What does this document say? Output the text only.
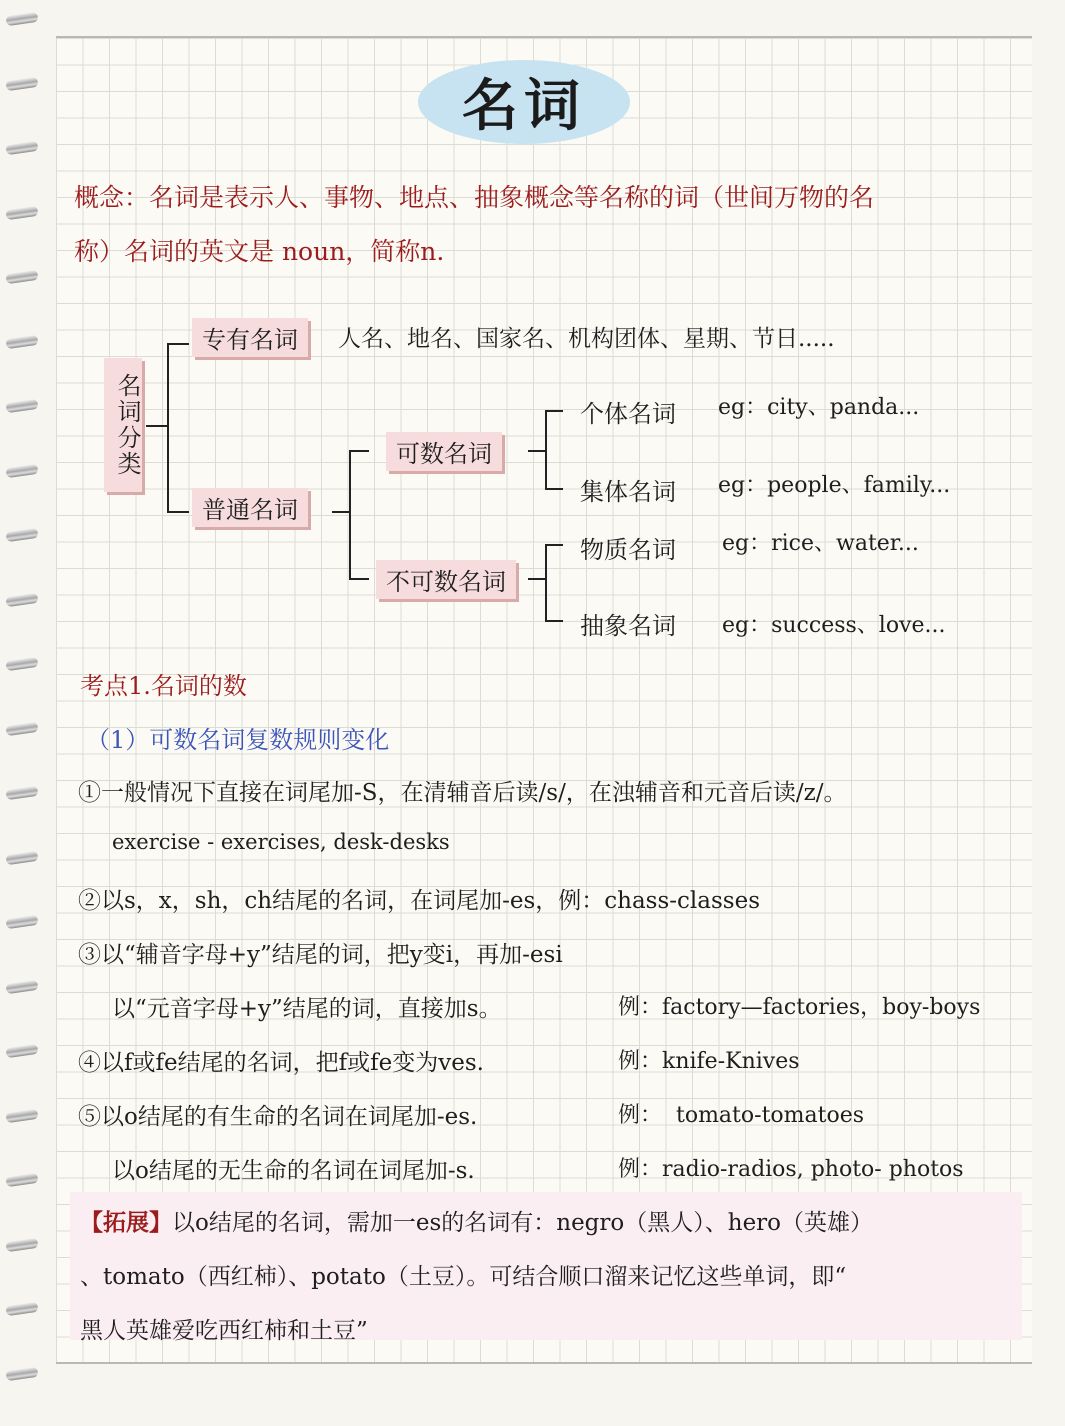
名词
概念：名词是表示人、事物、地点、抽象概念等名称的词（世间万物的名
称）名词的英文是 noun，简称n.
名词分类
专有名词	人名、地名、国家名、机构团体、星期、节日.....
普通名词
可数名词
不可数名词
个体名词 eg：city、panda...
集体名词 eg：people、family...
物质名词 eg：rice、water...
抽象名词 eg：success、love...
考点1.名词的数
（1）可数名词复数规则变化
①一般情况下直接在词尾加-S，在清辅音后读/s/，在浊辅音和元音后读/z/。
exercise - exercises, desk-desks
②以s，x，sh，ch结尾的名词，在词尾加-es，例：chass-classes
③以“辅音字母+y”结尾的词，把y变i，再加-esi
以“元音字母+y”结尾的词，直接加s。	例：factory—factories，boy-boys
④以f或fe结尾的名词，把f或fe变为ves.	例：knife-Knives
⑤以o结尾的有生命的名词在词尾加-es.	例：  tomato-tomatoes
以o结尾的无生命的名词在词尾加-s.	例：radio-radios, photo- photos
【拓展】以o结尾的名词，需加一es的名词有：negro（黑人）、hero（英雄）
、tomato（西红柿）、potato（土豆）。可结合顺口溜来记忆这些单词，即“
黑人英雄爱吃西红柿和土豆”
